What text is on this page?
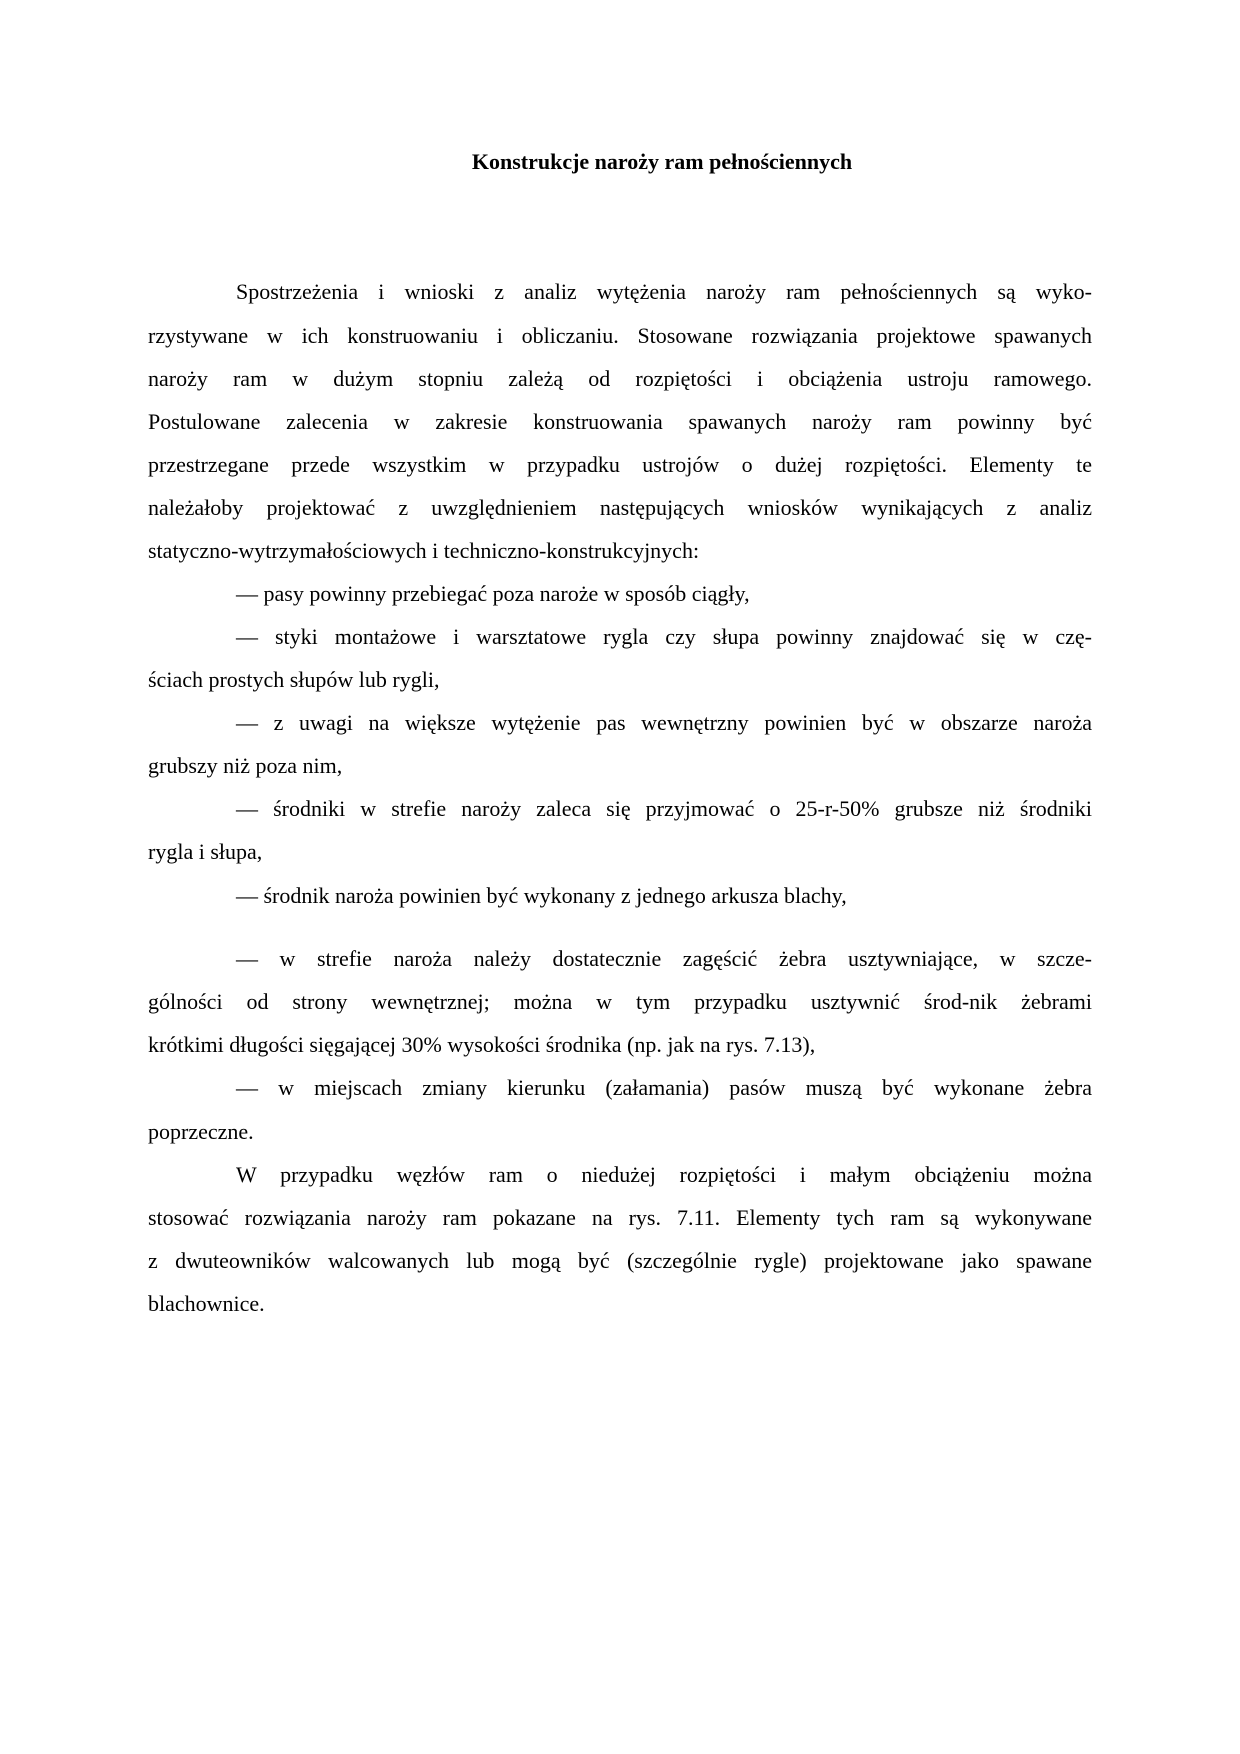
Konstrukcje naroży ram pełnościennych
Spostrzeżenia i wnioski z analiz wytężenia naroży ram pełnościennych są wyko-
rzystywane w ich konstruowaniu i obliczaniu. Stosowane rozwiązania projektowe spawanych
naroży ram w dużym stopniu zależą od rozpiętości i obciążenia ustroju ramowego.
Postulowane zalecenia w zakresie konstruowania spawanych naroży ram powinny być
przestrzegane przede wszystkim w przypadku ustrojów o dużej rozpiętości. Elementy te
należałoby projektować z uwzględnieniem następujących wniosków wynikających z analiz
statyczno-wytrzymałościowych i techniczno-konstrukcyjnych:
— pasy powinny przebiegać poza naroże w sposób ciągły,
— styki montażowe i warsztatowe rygla czy słupa powinny znajdować się w czę-
ściach prostych słupów lub rygli,
— z uwagi na większe wytężenie pas wewnętrzny powinien być w obszarze naroża
grubszy niż poza nim,
— środniki w strefie naroży zaleca się przyjmować o 25-r-50% grubsze niż środniki
rygla i słupa,
— środnik naroża powinien być wykonany z jednego arkusza blachy,
— w strefie naroża należy dostatecznie zagęścić żebra usztywniające, w szcze-
gólności od strony wewnętrznej; można w tym przypadku usztywnić środ-nik żebrami
krótkimi długości sięgającej 30% wysokości środnika (np. jak na rys. 7.13),
— w miejscach zmiany kierunku (załamania) pasów muszą być wykonane żebra
poprzeczne.
W przypadku węzłów ram o niedużej rozpiętości i małym obciążeniu można
stosować rozwiązania naroży ram pokazane na rys. 7.11. Elementy tych ram są wykonywane
z dwuteowników walcowanych lub mogą być (szczególnie rygle) projektowane jako spawane
blachownice.
